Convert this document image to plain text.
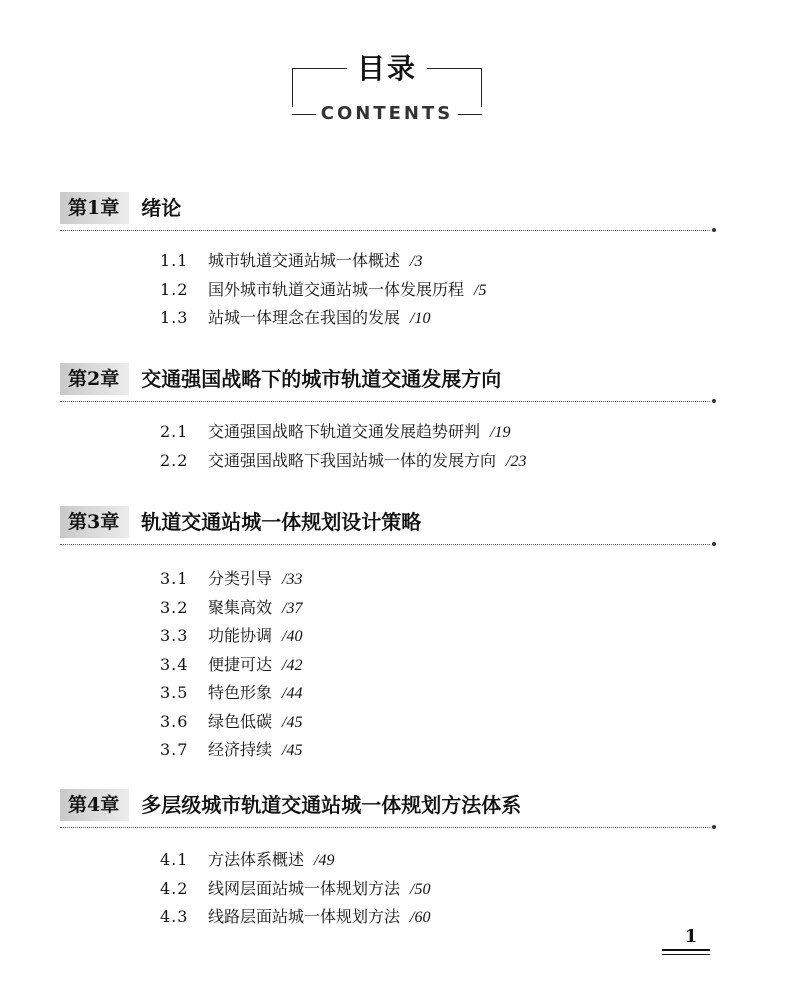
目录
CONTENTS
第1章	绪论
1.1 城市轨道交通站城一体概述 /3
1.2 国外城市轨道交通站城一体发展历程 /5
1.3 站城一体理念在我国的发展 /10
第2章	交通强国战略下的城市轨道交通发展方向
2.1 交通强国战略下轨道交通发展趋势研判 /19
2.2 交通强国战略下我国站城一体的发展方向 /23
第3章	轨道交通站城一体规划设计策略
3.1 分类引导 /33
3.2 聚集高效 /37
3.3 功能协调 /40
3.4 便捷可达 /42
3.5 特色形象 /44
3.6 绿色低碳 /45
3.7 经济持续 /45
第4章	多层级城市轨道交通站城一体规划方法体系
4.1 方法体系概述 /49
4.2 线网层面站城一体规划方法 /50
4.3 线路层面站城一体规划方法 /60
1
